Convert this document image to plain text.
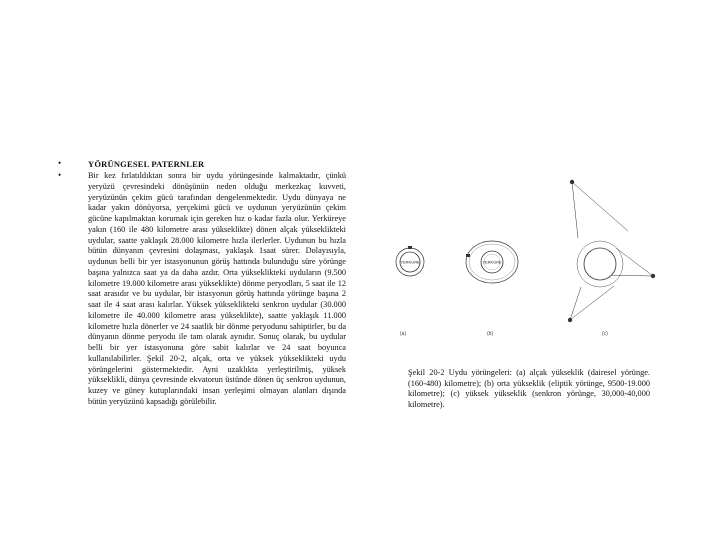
•
•
YÖRÜNGESEL PATERNLER
Bir kez fırlatıldıktan sonra bir uydu yörüngesinde kalmaktadır, çünkü yeryüzü çevresindeki dönüşünün neden olduğu merkezkaç kuvveti, yeryüzünün çekim gücü tarafından dengelenmektedir. Uydu dünyaya ne kadar yakın dönüyorsa, yerçekimi gücü ve uydunun yeryüzünün çekim gücüne kapılmaktan korumak için gereken hız o kadar fazla olur. Yerküreye yakın (160 ile 480 kilometre arası yükseklikte) dönen alçak yükseklikteki uydular, saatte yaklaşık 28.000 kilometre hızla ilerlerler. Uydunun bu hızla bütün dünyanın çevresini dolaşması, yaklaşık 1saat sürer. Dolayısıyla, uydunun belli bir yer istasyonunun görüş hattında bulunduğu süre yörünge başına yalnızca saat ya da daha azdır. Orta yükseklikteki uyduların (9.500 kilometre 19.000 kilometre arası yükseklikte) dönme peryodları, 5 saat ile 12 saat arasıdır ve bu uydular, bir istasyonun görüş hattında yörünge başına 2 saat ile 4 saat arası kalırlar. Yüksek yükseklikteki senkron uydular (30.000 kilometre ile 40.000 kilometre arası yükseklikte), saatte yaklaşık 11.000 kilometre hızla dönerler ve 24 saatlik bir dönme peryodunu sahiptirler, bu da dünyanın dönme peryodu ile tam olarak aynıdır. Sonuç olarak, bu uydular belli bir yer istasyonuna göre sabit kalırlar ve 24 saat boyunca kullanılabilirler. Şekil 20-2, alçak, orta ve yüksek yükseklikteki uydu yörüngelerini göstermektedir. Ayni uzaklıkta yerleştirilmiş, yüksek yükseklikli, dünya çevresinde ekvatorun üstünde dönen üç senkron uydunun, kuzey ve güney kutuplarındaki insan yerleşimi olmayan alanları dışında bütün yeryüzünü kapsadığı görülebilir.
YERKÜRE	YERKÜRE
(a)	(b)	(c)
Şekil 20-2 Uydu yörüngeleri: (a) alçak yükseklik (dairesel yörünge. (160-480) kilometre); (b) orta yükseklik (eliptik yörünge, 9500-19.000 kilometre); (c) yüksek yükseklik (senkron yörünge, 30,000-40,000 kilometre).
